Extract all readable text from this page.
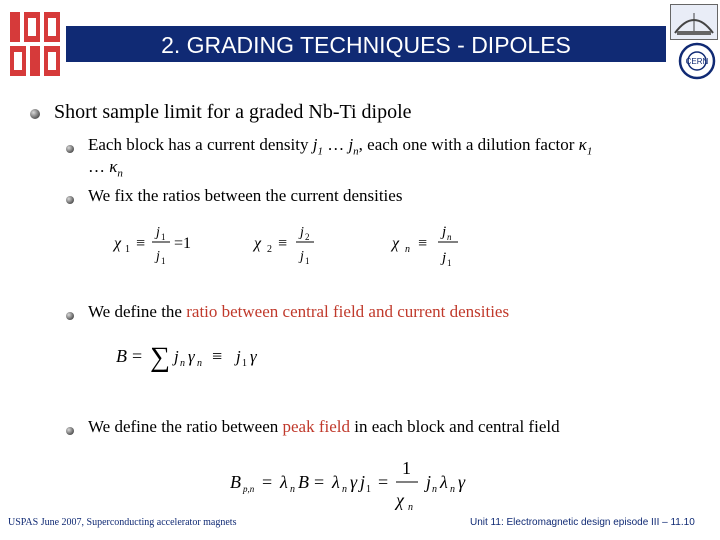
2. GRADING TECHNIQUES - DIPOLES
CERN
Short sample limit for a graded Nb-Ti dipole
Each block has a current density $j_1$ … $j_n$, each one with a dilution factor $\kappa_1$
… $\kappa_n$
We fix the ratios between the current densities
χ 1 ≡
j 1
j 1
=1	χ 2 ≡
j 2
j 1
χ n ≡
j n
j 1
We define the ratio between central field and current densities
B = ∑ j n γ n ≡ j 1 γ
We define the ratio between peak field in each block and central field
B p,n = λ n B = λ n γ j 1 =
1
χ n
j n λ n γ
USPAS June 2007, Superconducting accelerator magnets	Unit 11: Electromagnetic design episode III – 11.10
